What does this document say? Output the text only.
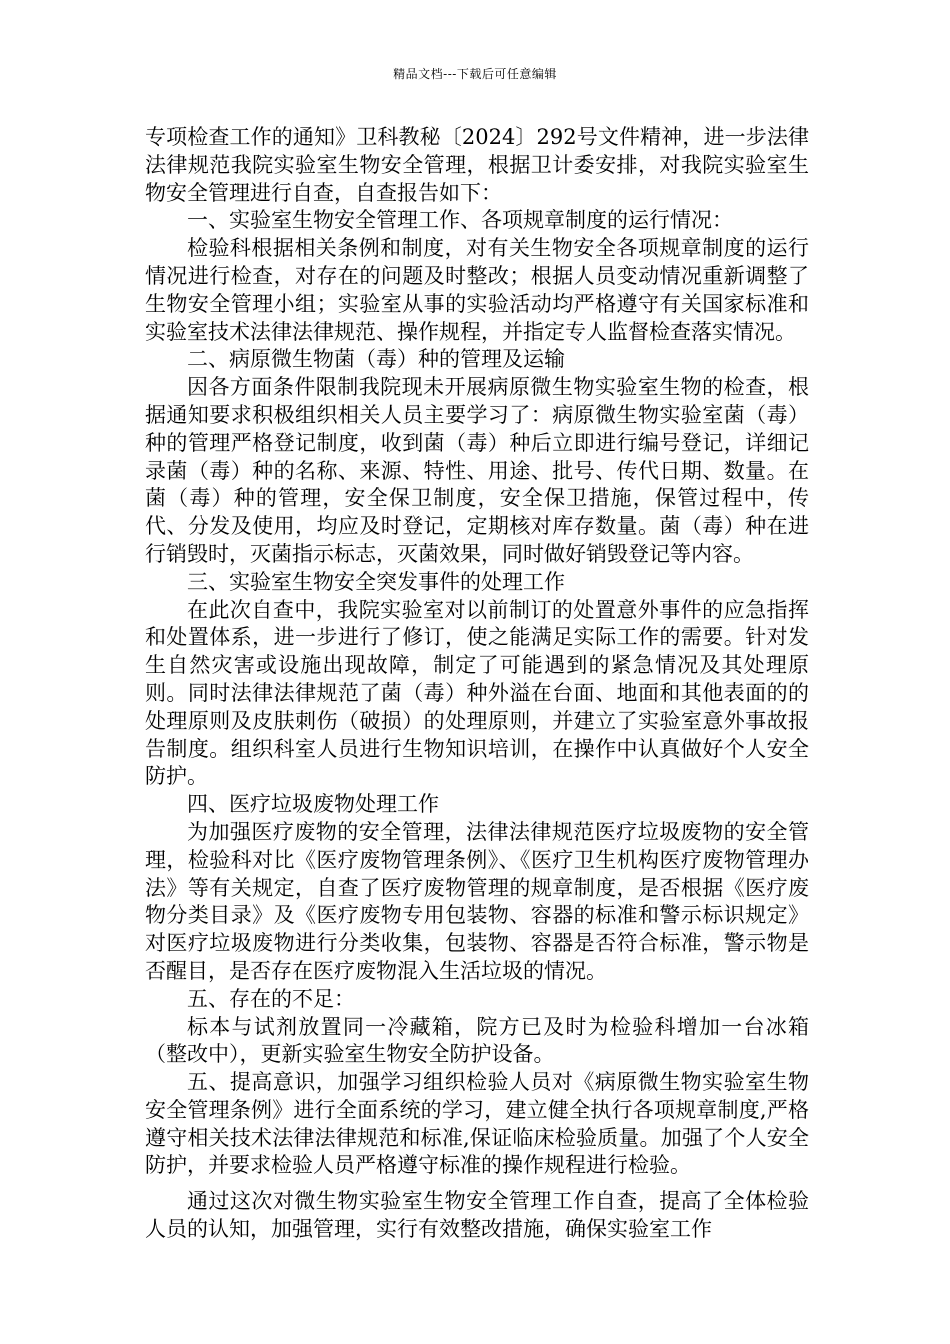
精品文档---下载后可任意编辑

专项检查工作的通知》卫科教秘〔2024〕292号文件精神，进一步法律法律规范我院实验室生物安全管理，根据卫计委安排，对我院实验室生物安全管理进行自查，自查报告如下：

一、实验室生物安全管理工作、各项规章制度的运行情况：

检验科根据相关条例和制度，对有关生物安全各项规章制度的运行情况进行检查，对存在的问题及时整改；根据人员变动情况重新调整了生物安全管理小组；实验室从事的实验活动均严格遵守有关国家标准和实验室技术法律法律规范、操作规程，并指定专人监督检查落实情况。

二、病原微生物菌（毒）种的管理及运输

因各方面条件限制我院现未开展病原微生物实验室生物的检查，根据通知要求积极组织相关人员主要学习了：病原微生物实验室菌（毒）种的管理严格登记制度，收到菌（毒）种后立即进行编号登记，详细记录菌（毒）种的名称、来源、特性、用途、批号、传代日期、数量。在菌（毒）种的管理，安全保卫制度，安全保卫措施，保管过程中，传代、分发及使用，均应及时登记，定期核对库存数量。菌（毒）种在进行销毁时，灭菌指示标志，灭菌效果，同时做好销毁登记等内容。

三、实验室生物安全突发事件的处理工作

在此次自查中，我院实验室对以前制订的处置意外事件的应急指挥和处置体系，进一步进行了修订，使之能满足实际工作的需要。针对发生自然灾害或设施出现故障，制定了可能遇到的紧急情况及其处理原则。同时法律法律规范了菌（毒）种外溢在台面、地面和其他表面的的处理原则及皮肤刺伤（破损）的处理原则，并建立了实验室意外事故报告制度。组织科室人员进行生物知识培训，在操作中认真做好个人安全防护。

四、医疗垃圾废物处理工作

为加强医疗废物的安全管理，法律法律规范医疗垃圾废物的安全管理，检验科对比《医疗废物管理条例》、《医疗卫生机构医疗废物管理办法》等有关规定，自查了医疗废物管理的规章制度，是否根据《医疗废物分类目录》及《医疗废物专用包装物、容器的标准和警示标识规定》对医疗垃圾废物进行分类收集，包装物、容器是否符合标准，警示物是否醒目，是否存在医疗废物混入生活垃圾的情况。

五、存在的不足：

标本与试剂放置同一冷藏箱，院方已及时为检验科增加一台冰箱（整改中），更新实验室生物安全防护设备。

五、提高意识，加强学习组织检验人员对《病原微生物实验室生物安全管理条例》进行全面系统的学习，建立健全执行各项规章制度,严格遵守相关技术法律法律规范和标准,保证临床检验质量。加强了个人安全防护，并要求检验人员严格遵守标准的操作规程进行检验。

通过这次对微生物实验室生物安全管理工作自查，提高了全体检验人员的认知，加强管理，实行有效整改措施，确保实验室工作
